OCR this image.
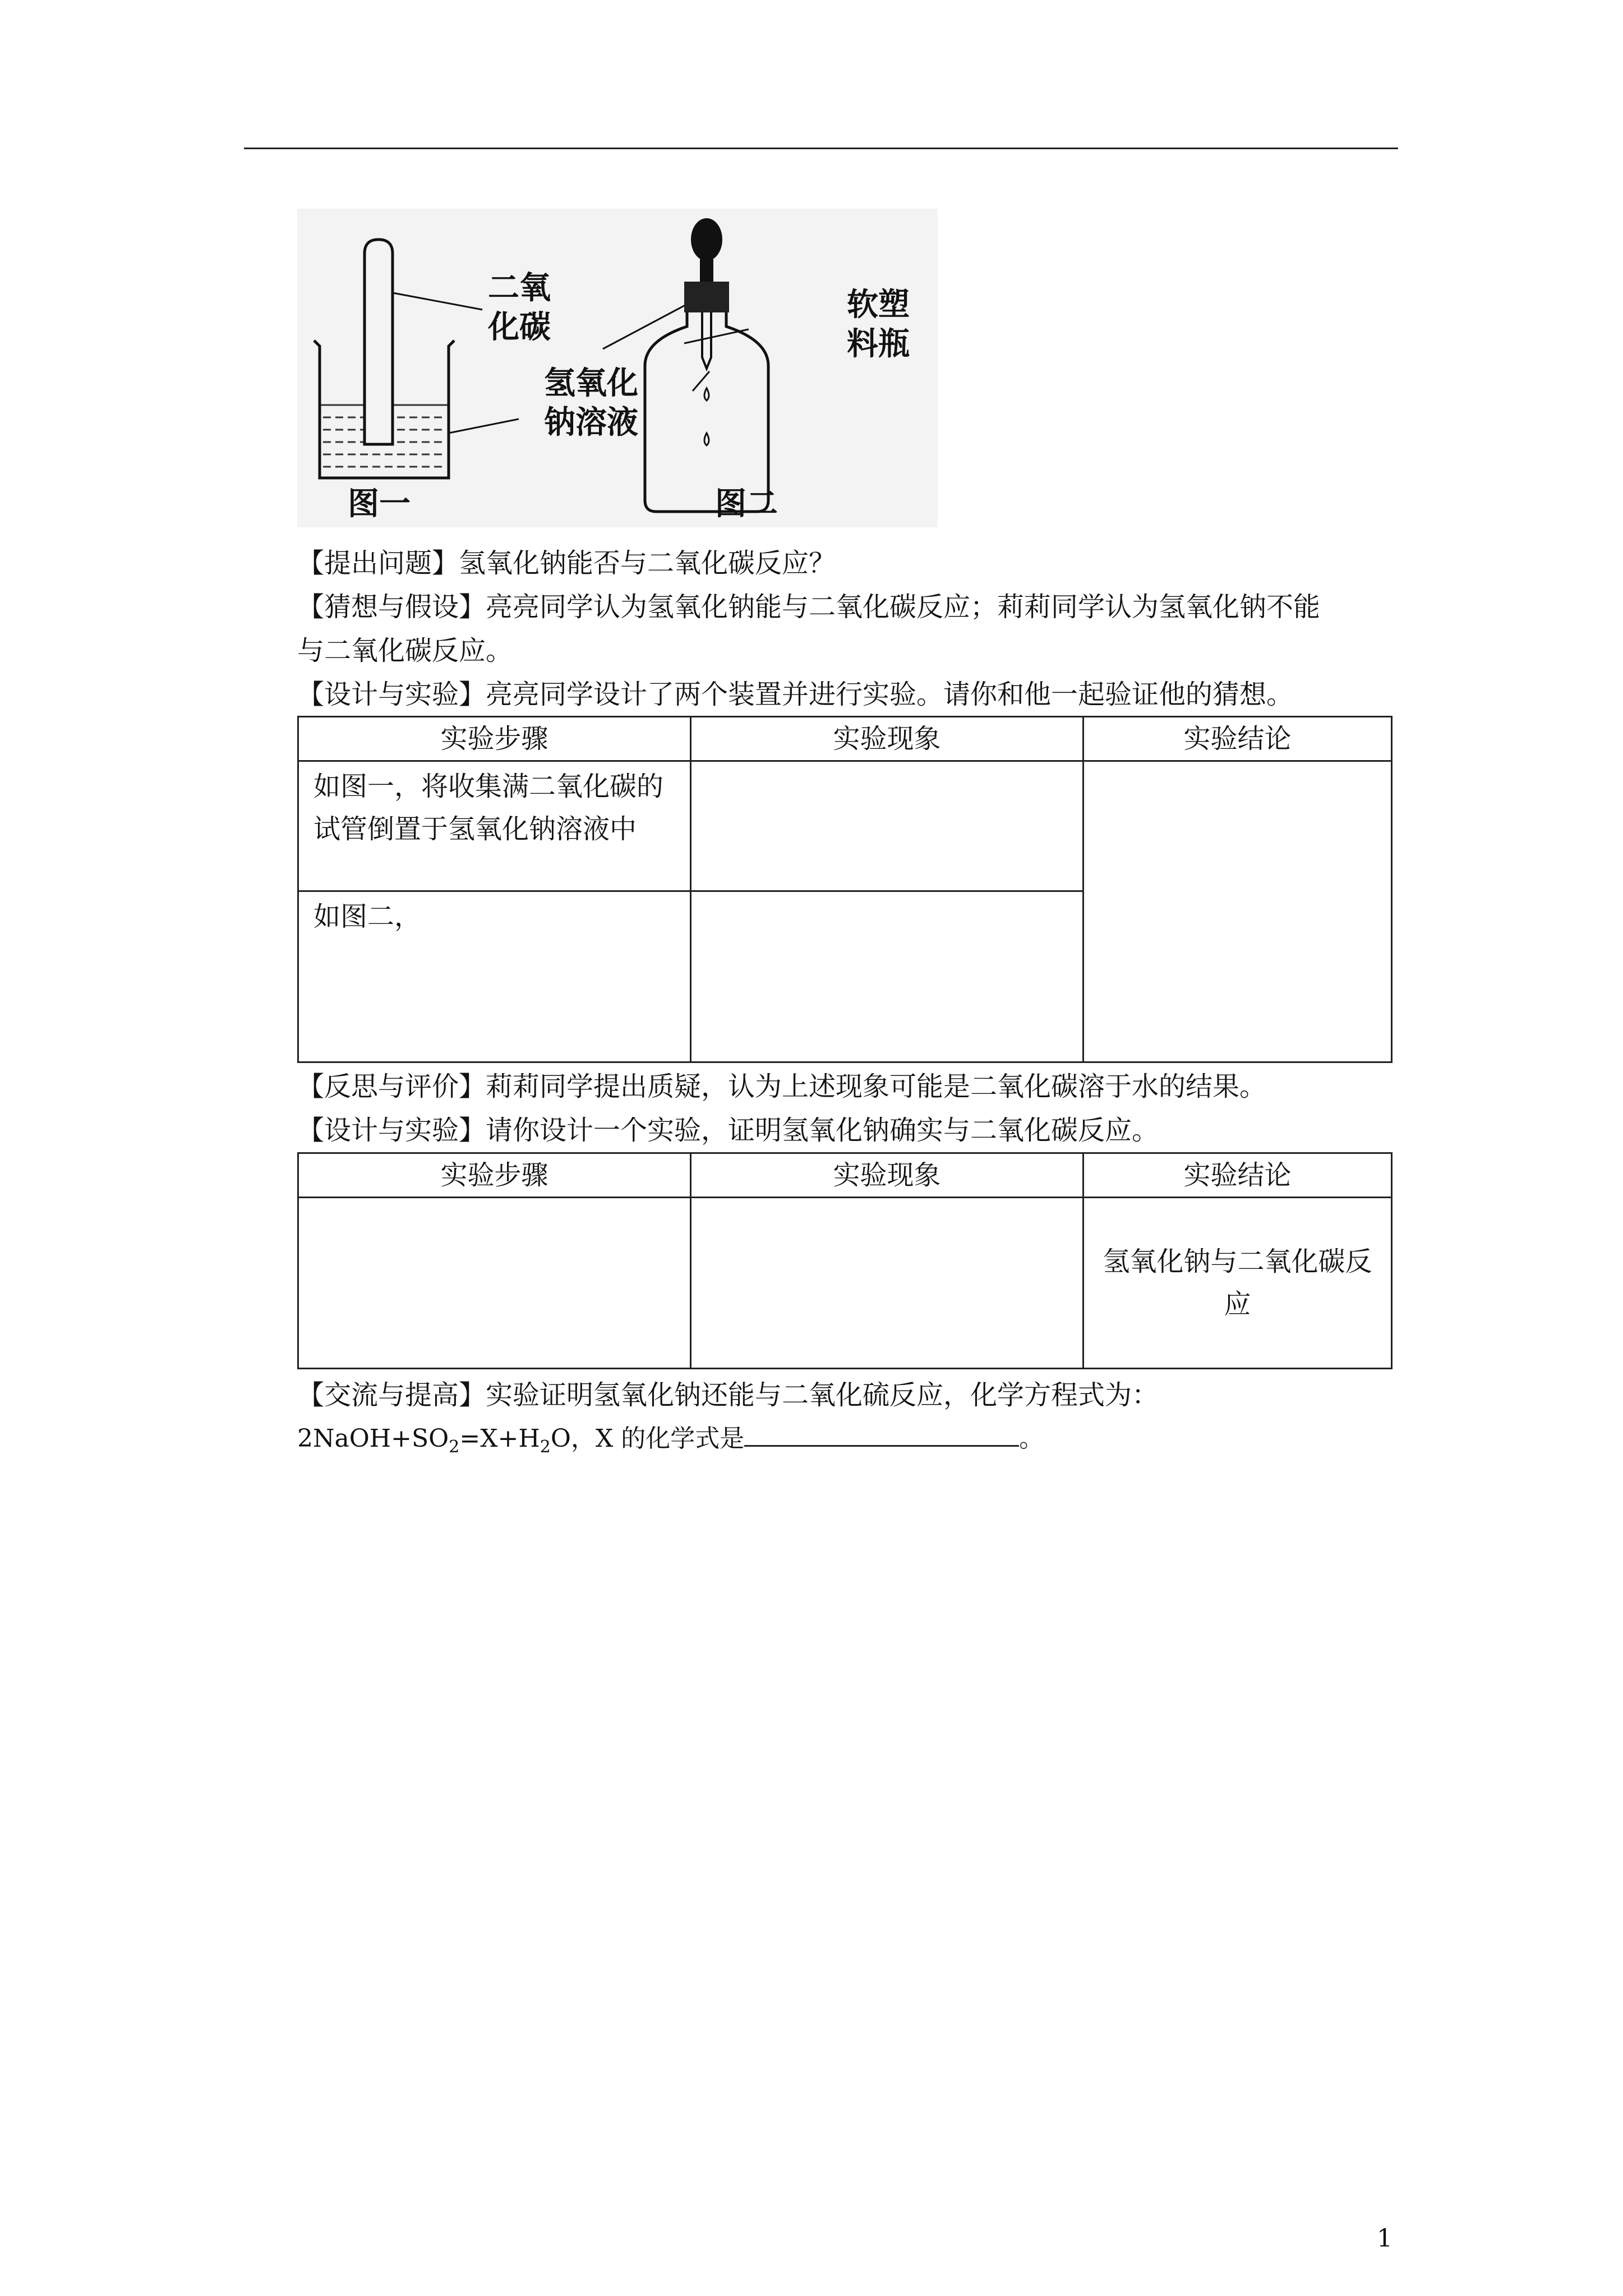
二氧
化碳
氢氧化
钠溶液
软塑
料瓶
图一	图二
【提出问题】氢氧化钠能否与二氧化碳反应？
【猜想与假设】亮亮同学认为氢氧化钠能与二氧化碳反应；莉莉同学认为氢氧化钠不能
与二氧化碳反应。
【设计与实验】亮亮同学设计了两个装置并进行实验。请你和他一起验证他的猜想。
实验步骤	实验现象	实验结论
如图一，将收集满二氧化碳的试管倒置于氢氧化钠溶液中		
如图二，		
【反思与评价】莉莉同学提出质疑，认为上述现象可能是二氧化碳溶于水的结果。
【设计与实验】请你设计一个实验，证明氢氧化钠确实与二氧化碳反应。
实验步骤	实验现象	实验结论
		氢氧化钠与二氧化碳反应
【交流与提高】实验证明氢氧化钠还能与二氧化硫反应，化学方程式为：
$2NaOH+SO_2=X+H_2O$，X 的化学式是	。
1
